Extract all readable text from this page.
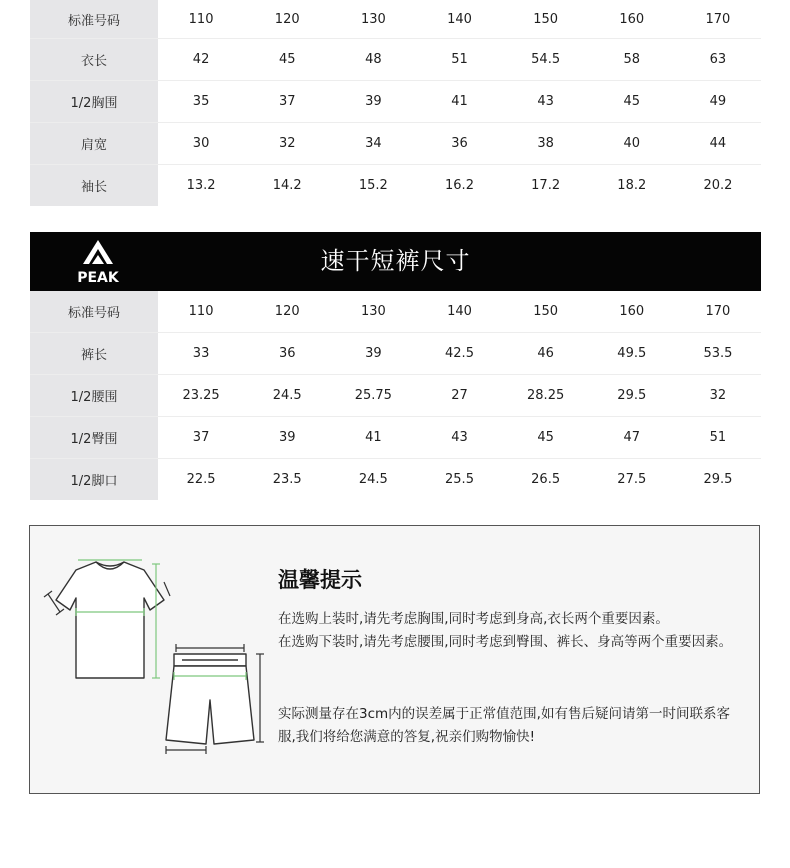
标准号码	110	120	130	140	150	160	170
衣长	42	45	48	51	54.5	58	63
1/2胸围	35	37	39	41	43	45	49
肩宽	30	32	34	36	38	40	44
袖长	13.2	14.2	15.2	16.2	17.2	18.2	20.2
PEAK
速干短裤尺寸
标准号码	110	120	130	140	150	160	170
裤长	33	36	39	42.5	46	49.5	53.5
1/2腰围	23.25	24.5	25.75	27	28.25	29.5	32
1/2臀围	37	39	41	43	45	47	51
1/2脚口	22.5	23.5	24.5	25.5	26.5	27.5	29.5
温馨提示
在选购上装时,请先考虑胸围,同时考虑到身高,衣长两个重要因素。
在选购下装时,请先考虑腰围,同时考虑到臀围、裤长、身高等两个重要因素。
实际测量存在3cm内的误差属于正常值范围,如有售后疑问请第一时间联系客服,我们将给您满意的答复,祝亲们购物愉快!
